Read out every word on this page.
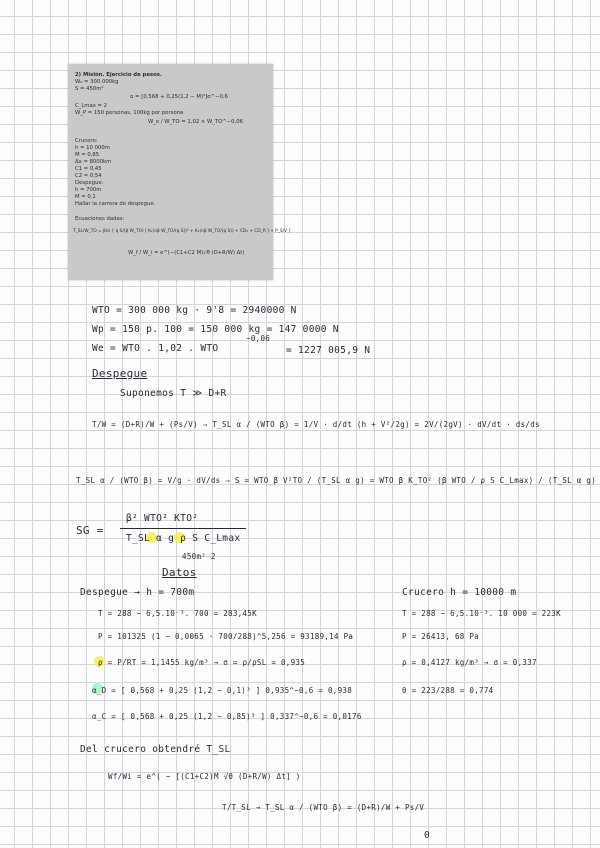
2) Misión. Ejercicio de pesos.
W₀ = 300 000kg
S = 450m²
α = [0,568 + 0,25(1,2 − M)³]σ^−0,6
C_Lmax = 2
W_P = 150 personas, 100kg por persona
W_e / W_TO = 1,02 × W_TO^−0,06
Crucero:
h = 10 000m
M = 0,85
Δx = 8000km
C1 = 0,45
C2 = 0,54
Despegue:
h = 700m
M = 0,1
Hallar la carrera de despegue.
Ecuaciones dadas:
T_SL/W_TO = β/α { q S/(β W_TO) [ K₁(nβ W_TO/(q S))² + K₂(nβ W_TO/(q S)) + CD₀ + CD_R ] + P_S/V }
W_f / W_i = e^(−(C1+C2 M)√θ (D+R/W) Δt)
WTO = 300 000 kg · 9'8 = 2940000 N
Wp = 150 p. 100 = 150 000 kg = 147 0000 N
We = WTO . 1,02 . WTO
−0,06
= 1227 005,9 N
Despegue
Suponemos T ≫ D+R
T/W = (D+R)/W + (Ps/V) ⇒ T_SL α / (WTO β) = 1/V · d/dt (h + V²/2g) = 2V/(2gV) · dV/dt · ds/ds
T_SL α / (WTO β) = V/g · dV/ds ⇒ S = WTO β V²TO / (T_SL α g) = WTO β K_TO² (β WTO / ρ S C_Lmax) / (T_SL α g)
SG =
β² WTO² KTO²
T_SL α g ρ S C_Lmax
450m² 2
Datos
Despegue → h = 700m	Crucero h = 10000 m
T = 288 − 6,5.10⁻³. 700 = 283,45K	T = 288 − 6,5.10⁻³. 10 000 = 223K
P = 101325 (1 − 0,0065 · 700/288)^5,256 = 93189,14 Pa	P = 26413, 68 Pa
ρ = P/RT = 1,1455 kg/m³ → σ = ρ/ρSL = 0,935	ρ = 0,4127 kg/m³ → σ = 0,337
α_D = [ 0,568 + 0,25 (1,2 − 0,1)³ ] 0,935^−0,6 = 0,938	θ = 223/288 = 0,774
α_C = [ 0,568 + 0,25 (1,2 − 0,85)³ ] 0,337^−0,6 = 0,0176
Del crucero obtendré T_SL
Wf/Wi = e^( − [(C1+C2)M √θ (D+R/W) Δt] )
T/T_SL → T_SL α / (WTO β) = (D+R)/W + Ps/V
0
